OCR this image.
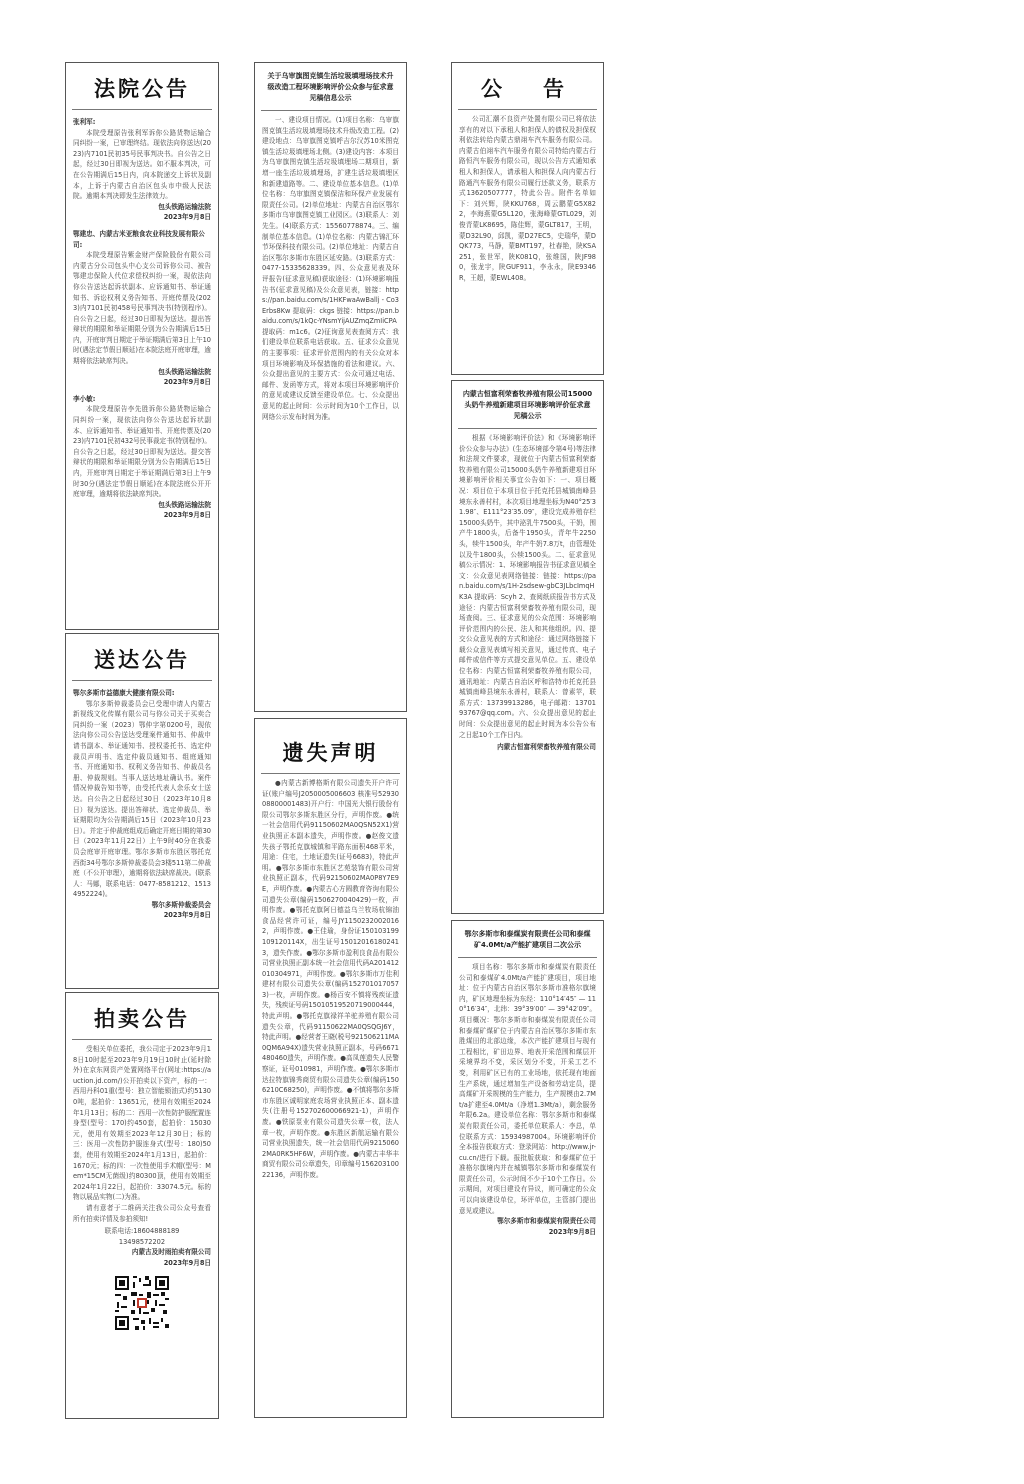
法院公告
张利军:

本院受理原告张利军诉你公路货物运输合同纠纷一案，已审理终结。现依法向你送达(2023)内7101民初35号民事判决书。自公告之日起，经过30日即视为送达。如不服本判决，可在公告期满后15日内，向本院递交上诉状及副本，上诉于内蒙古自治区包头市中级人民法院。逾期本判决即发生法律效力。

包头铁路运输法院
2023年9月8日
鄂建忠、内蒙古米亚粮食农业科技发展有限公司:

本院受理原告紫金财产保险股份有限公司内蒙古分公司包头中心支公司诉你公司、被告鄂建忠保险人代位求偿权纠纷一案，现依法向你公告送达起诉状副本、应诉通知书、举证通知书、诉讼权利义务告知书、开庭传票及(2023)内7101民初458号民事判决书(特别程序)。自公告之日起，经过30日即视为送达。提出答辩状的期限和举证期限分别为公告期满后15日内，开庭审判日期定于举证期满后第3日上午10时(遇法定节假日顺延)在本院法庭开庭审理，逾期将依法缺席判决。

包头铁路运输法院
2023年9月8日
李小敏:

本院受理原告李先胜诉你公路货物运输合同纠纷一案，现依法向你公告送达起诉状副本、应诉通知书、举证通知书、开庭传票及(2023)内7101民初432号民事裁定书(特别程序)。自公告之日起，经过30日即视为送达。提交答辩状的期限和举证期限分别为公告期满后15日内，开庭审判日期定于举证期满后第3日上午9时30分(遇法定节假日顺延)在本院法庭公开开庭审理，逾期将依法缺席判决。

包头铁路运输法院
2023年9月8日
送达公告
鄂尔多斯市益德康大健康有限公司:

鄂尔多斯仲裁委员会已受理申请人内蒙古新视线文化传媒有限公司与你公司关于买卖合同纠纷一案（2023）鄂仲字第0200号，现依法向你公司公告送达受理案件通知书、仲裁申请书副本、举证通知书、授权委托书、选定仲裁员声明书、选定仲裁员通知书、组庭通知书、开庭通知书、权利义务告知书、仲裁员名册、仲裁规则。当事人送达地址确认书。案件情况仲裁告知书等，由受托代表人余乐女士送达。自公告之日起经过30日（2023年10月8日）视为送达。提出答辩状、选定仲裁员、举证期限均为公告期满后15日（2023年10月23日）。并定于仲裁庭组成后确定开庭日期的第30日（2023年11月22日）上午9时40分在我委员会庭审开庭审理。鄂尔多斯市东胜区鄂托克西街34号鄂尔多斯仲裁委员会3楼511第二仲裁庭（不公开审理），逾期将依法缺席裁决。(联系人：马娜，联系电话：0477-8581212、15134952224)。

鄂尔多斯仲裁委员会
2023年9月8日
拍卖公告

受相关单位委托，我公司定于2023年9月18日10时起至2023年9月19日10时止(延时除外)在京东网资产处置网络平台(网址:https://auction.jd.com/)公开拍卖以下资产，标的一：西用丹科01重(型号：独立智能锁油式)约51300吨，起拍价：13651元，使用有效期至2024年1月13日；标的二：西用一次性防护服配置连身型(型号：170)约450套，起拍价：15030元，使用有效期至2023年12月30日；标的三：医用一次性防护服连身式(型号：180)50套，使用有效期至2024年1月13日，起拍价：1670元；标的四：一次性使用手术帽(型号：Mem*15CM无菌级)约80300顶，使用有效期至2024年1月22日，起拍价：33074.5元。标的物以展品实物(二)为准。

请有意者于二维码关注我公司公众号查看所有拍卖详情及参拍须知!

联系电话:18604888189
13498572202
内蒙古及时雨拍卖有限公司
2023年9月8日
关于乌审旗图克镇生活垃圾填埋场技术升级改造工程环境影响评价公众参与征求意见稿信息公示

一、建设项目情况。(1)项目名称：乌审旗图克镇生活垃圾填埋场技术升级改造工程。(2)建设地点：乌审旗图克镇呼吉尔汉苏10米图克镇生活垃圾填埋场北侧。(3)建设内容：本项目为乌审旗图克镇生活垃圾填埋场二期项目，新增一座生活垃圾填埋场，扩建生活垃圾填埋区和新建道路等。二、建设单位基本信息。(1)单位名称：乌审旗图克镇保洁和环保产业发展有限责任公司。(2)单位地址：内蒙古自治区鄂尔多斯市乌审旗图克镇工业园区。(3)联系人：刘先生。(4)联系方式：15560778874。三、编制单位基本信息。(1)单位名称：内蒙古锦汇环节环保科技有限公司。(2)单位地址：内蒙古自治区鄂尔多斯市东胜区延安路。(3)联系方式：0477-15335628339。四、公众意见表及环评报告(征求意见稿)获取途径：(1)环境影响报告书(征求意见稿)及公众意见表，链接：https://pan.baidu.com/s/1HKFwaAwBallj - Co3Erbs8Kw 提取码：ckgs 链接：https://pan.baidu.com/s/1kQc-YNsmYijAUZmqZmIiCPA 提取码：m1c6。(2)征询意见表查阅方式：我们建设单位联系电话获取。五、征求公众意见的主要事项：征求评价范围内的有关公众对本项目环境影响及环保措施的看法和建议。六、公众提出意见的主要方式：公众可通过电话、邮件、发函等方式，将对本项目环境影响评价的意见或建议反馈至建设单位。七、公众提出意见的起止时间：公示时间为10个工作日，以网络公示发布时间为准。

遗失声明

●内蒙古新博格斯有限公司遗失开户许可证(账户编号J2050005006603 核准号5293008800001483)开户行：中国光大银行股份有限公司鄂尔多斯东胜区分行，声明作废。●统一社会信用代码91150602MA0QSN52X1)营业执照正本副本遗失，声明作废。●赵俊文遗失孩子鄂托克旗城镇和平路东面积468平米，用途：住宅，土地证遗失(证号6683)，特此声明。●鄂尔多斯市东胜区艺苑装饰有限公司营业执照正副本，代码92150602MA0P8Y7E9E，声明作废。●内蒙古心方圆教育咨询有限公司遗失公章(编码1506270040429)一枚，声明作废。●鄂托克旗阿日德益乌兰牧场杭锦油食品经营许可证，编号JY11502320020162，声明作废。●王佳瑜，身份证150103199109120114X，出生证号150120161802413，遗失作废。●鄂尔多斯市盈利良食品有限公司营业执照正副本统一社会信用代码A201412010304971，声明作废。●鄂尔多斯市万佳利建材有限公司遗失公章(编码1527010170573)一枚，声明作废。●杨百安不慎将残疾证遗失，残疾证号码15010519520719000444，特此声明。●鄂托克旗禄祥羊驼养殖有限公司遗失公章，代码91150622MA0QSQGJ6Y，特此声明。●经营者王晓(税号921506211MA0QM6A94X)遗失营业执照正副本，号码6671480460遗失，声明作废。●高凤莲遗失人民警察证，证号010981，声明作废。●鄂尔多斯市达拉特旗锦秀商贸有限公司遗失公章(编码1506210C68250)，声明作废。●不慎将鄂尔多斯市东胜区诚明家庭农场营业执照正本、副本遗失(注册号152702600066921-1)，声明作废。●铁原泵业有限公司遗失公章一枚，法人章一枚，声明作废。●东胜区新航运输有限公司营业执照遗失，统一社会信用代码92150602MA0RK5HF6W，声明作废。●内蒙古丰华丰商贸有限公司公章遗失，印章编号15620310022136，声明作废。

公　告

公司汇潮不良资产处置有限公司已将依法享有的对以下承租人和担保人的债权及担保权利依法转给内蒙古鼎翊车汽车服务有限公司。内蒙古伯翊车汽车服务有限公司特给内蒙古行路恒汽车服务有限公司，现以公告方式通知承租人和担保人，请承租人和担保人向内蒙古行路通汽车服务有限公司履行还款义务，联系方式13620507777，特此公告。附件名单如下：刘兴辉，陕KKU768，周云鹏蒙G5X822，李海燕蒙G5L120，张海峰蒙GTL029，刘俊青蒙LK8695，陈佳辉，蒙GLT817，王明，蒙D32L90，邱凯，蒙D27EC5，史瑞华，蒙DQK773，马静，蒙BMT197，杜春艳，陕KSA251，张世军，陕K081Q，张维国，陕JF980，张龙宇，陕GUF911，李永永，陕E9346R，王超，蒙EWL408。

内蒙古恒富利荣畜牧养殖有限公司15000头奶牛养殖新建项目环境影响评价征求意见稿公示

根据《环境影响评价法》和《环境影响评价公众参与办法》(生态环境部令第4号)等法律和法规文件要求，现就位于内蒙古恒富利荣畜牧养殖有限公司15000头奶牛养殖新建项目环境影响评价相关事宜公告如下：一、项目概况：项目位于本项目位于托克托县城镇南峰县境东永善村村，本次项目地理坐标为N40°25′31.98″、E111°23′35.09″，建设完成养殖存栏15000头奶牛，其中泌乳牛7500头，干奶，围产牛1800头，后备牛1950头，青年牛2250头，犊牛1500头，年产牛奶7.8万t，由管理处以及牛1800头，公犊1500头。二、征求意见稿公示情况：1、环境影响报告书征求意见稿全文：公众意见表网络链接：链接：https://pan.baidu.com/s/1H-2sdsew-gbC3JLbcImqHK3A 提取码：Scyh 2、查阅纸质报告书方式及途径：内蒙古恒富利荣畜牧养殖有限公司，现场查阅。三、征求意见的公众范围：环境影响评价范围内的公民、法人和其他组织。四、提交公众意见表的方式和途径：通过网络链接下载公众意见表填写相关意见，通过传真、电子邮件或信件等方式提交意见单位。五、建设单位名称：内蒙古恒富利荣畜牧养殖有限公司，通讯地址：内蒙古自治区呼和浩特市托克托县城镇南峰县境东永善村，联系人：曾素苹，联系方式：13739913286，电子邮箱：1370193767@qq.com。六、公众提出意见的起止时间：公众提出意见的起止时间为本公告公布之日起10个工作日内。

内蒙古恒富利荣畜牧养殖有限公司
鄂尔多斯市和泰煤炭有限责任公司和泰煤矿4.0Mt/a产能扩建项目二次公示

项目名称：鄂尔多斯市和泰煤炭有限责任公司和泰煤矿4.0Mt/a产能扩建项目，项目地址：位于内蒙古自治区鄂尔多斯市准格尔旗境内，矿区地理坐标为东经：110°14′45″ — 110°16′34″，北纬：39°39′00″ — 39°42′09″。项目概况：鄂尔多斯市和泰煤炭有限责任公司和泰煤矿煤矿位于内蒙古自治区鄂尔多斯市东胜煤田的北部边缘，本次产能扩建项目与现有工程相比，矿田边界、地表开采范围和煤层开采境界均不变，采区划分不变，开采工艺不变，利用矿区已有的工业场地，依托现有地面生产系统，通过增加生产设备和劳动定员，提高煤矿开采规模的生产能力，生产规模由2.7Mt/a扩建至4.0Mt/a（净增1.3Mt/a），剩余服务年限6.2a。建设单位名称：鄂尔多斯市和泰煤炭有限责任公司，委托单位联系人：李总，单位联系方式：15934987004。环境影响评价全本报告获取方式：登录网站：http://www.jr-cu.cn/进行下载。报批版获取：和泰煤矿位于准格尔旗境内并在城镇鄂尔多斯市和泰煤炭有限责任公司，公示时间不少于10个工作日。公示期间，对项目建设有异议，则可确定的公众可以向该建设单位，环评单位，主管部门提出意见或建议。

鄂尔多斯市和泰煤炭有限责任公司
2023年9月8日
